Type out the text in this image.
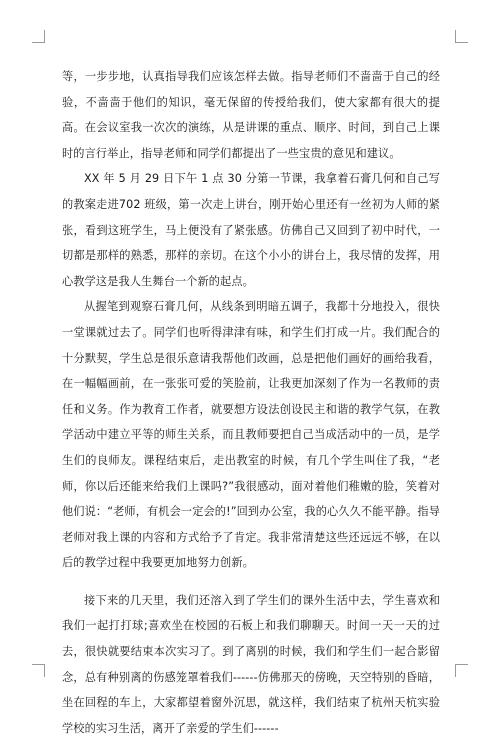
等，一步步地，认真指导我们应该怎样去做。指导老师们不啬啬于自己的经验，不啬啬于他们的知识，毫无保留的传授给我们，使大家都有很大的提高。在会议室我一次次的演练，从是讲课的重点、顺序、时间，到自己上课时的言行举止，指导老师和同学们都提出了一些宝贵的意见和建议。

XX 年 5 月 29 日下午 1 点 30 分第一节课，我拿着石膏几何和自己写的教案走进702 班级，第一次走上讲台，刚开始心里还有一丝初为人师的紧张，看到这班学生，马上便没有了紧张感。仿佛自己又回到了初中时代，一切都是那样的熟悉，那样的亲切。在这个小小的讲台上，我尽情的发挥，用心教学这是我人生舞台一个新的起点。

从握笔到观察石膏几何，从线条到明暗五调子，我都十分地投入，很快一堂课就过去了。同学们也听得津津有味，和学生们打成一片。我们配合的十分默契，学生总是很乐意请我帮他们改画，总是把他们画好的画给我看，在一幅幅画前，在一张张可爱的笑脸前，让我更加深刻了作为一名教师的责任和义务。作为教育工作者，就要想方设法创设民主和谐的教学气氛，在教学活动中建立平等的师生关系，而且教师要把自己当成活动中的一员，是学生们的良师友。课程结束后，走出教室的时候，有几个学生叫住了我，“老师，你以后还能来给我们上课吗?”我很感动，面对着他们稚嫩的脸，笑着对他们说：“老师，有机会一定会的!”回到办公室，我的心久久不能平静。指导老师对我上课的内容和方式给予了肯定。我非常清楚这些还远远不够，在以后的教学过程中我要更加地努力创新。

接下来的几天里，我们还溶入到了学生们的课外生活中去，学生喜欢和我们一起打打球;喜欢坐在校园的石板上和我们聊聊天。时间一天一天的过去，很快就要结束本次实习了。到了离别的时候，我们和学生们一起合影留念，总有种别离的伤感笼罩着我们------仿佛那天的傍晚，天空特别的昏暗，坐在回程的车上，大家都望着窗外沉思，就这样，我们结束了杭州天杭实验学校的实习生活，离开了亲爱的学生们------
